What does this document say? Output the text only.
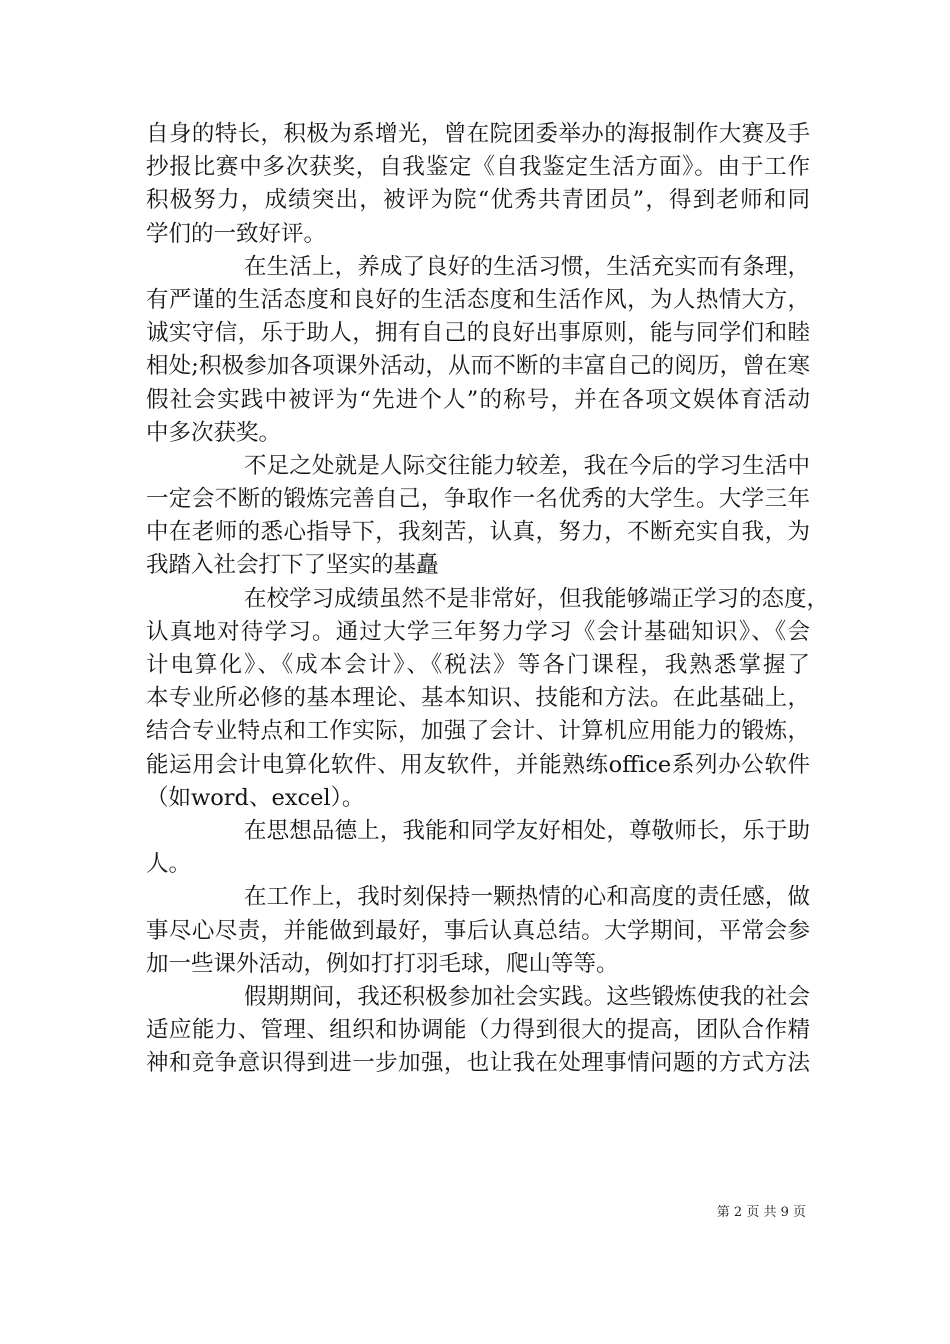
自身的特长，积极为系增光，曾在院团委举办的海报制作大赛及手
抄报比赛中多次获奖，自我鉴定《自我鉴定生活方面》。由于工作
积极努力，成绩突出，被评为院“优秀共青团员”，得到老师和同
学们的一致好评。
在生活上，养成了良好的生活习惯，生活充实而有条理，
有严谨的生活态度和良好的生活态度和生活作风，为人热情大方，
诚实守信，乐于助人，拥有自己的良好出事原则，能与同学们和睦
相处;积极参加各项课外活动，从而不断的丰富自己的阅历，曾在寒
假社会实践中被评为“先进个人”的称号，并在各项文娱体育活动
中多次获奖。
不足之处就是人际交往能力较差，我在今后的学习生活中
一定会不断的锻炼完善自己，争取作一名优秀的大学生。大学三年
中在老师的悉心指导下，我刻苦，认真，努力，不断充实自我，为
我踏入社会打下了坚实的基矗
在校学习成绩虽然不是非常好，但我能够端正学习的态度，
认真地对待学习。通过大学三年努力学习《会计基础知识》、《会
计电算化》、《成本会计》、《税法》等各门课程，我熟悉掌握了
本专业所必修的基本理论、基本知识、技能和方法。在此基础上，
结合专业特点和工作实际，加强了会计、计算机应用能力的锻炼，
能运用会计电算化软件、用友软件，并能熟练office系列办公软件
（如word、excel）。
在思想品德上，我能和同学友好相处，尊敬师长，乐于助
人。
在工作上，我时刻保持一颗热情的心和高度的责任感，做
事尽心尽责，并能做到最好，事后认真总结。大学期间，平常会参
加一些课外活动，例如打打羽毛球，爬山等等。
假期期间，我还积极参加社会实践。这些锻炼使我的社会
适应能力、管理、组织和协调能（力得到很大的提高，团队合作精
神和竞争意识得到进一步加强，也让我在处理事情问题的方式方法
第 2 页 共 9 页
